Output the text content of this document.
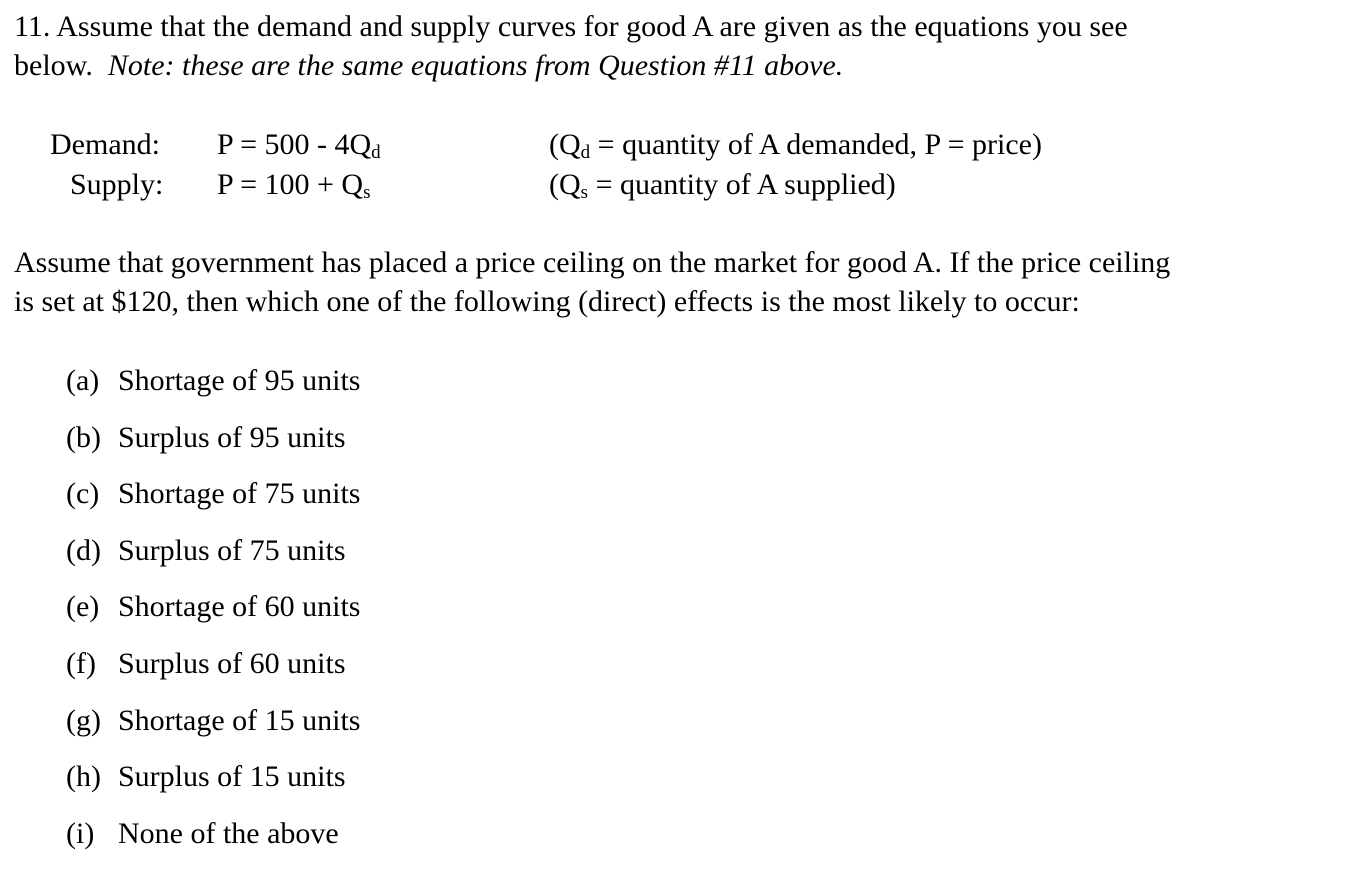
11. Assume that the demand and supply curves for good A are given as the equations you see
below. Note: these are the same equations from Question #11 above.
Demand: $P = 500 - 4Q_d$	($Q_d$ = quantity of A demanded, P = price)
Supply: $P = 100 + Q_s$	($Q_s$ = quantity of A supplied)
Assume that government has placed a price ceiling on the market for good A. If the price ceiling
is set at $120, then which one of the following (direct) effects is the most likely to occur:
(a) Shortage of 95 units
(b) Surplus of 95 units
(c) Shortage of 75 units
(d) Surplus of 75 units
(e) Shortage of 60 units
(f) Surplus of 60 units
(g) Shortage of 15 units
(h) Surplus of 15 units
(i) None of the above
